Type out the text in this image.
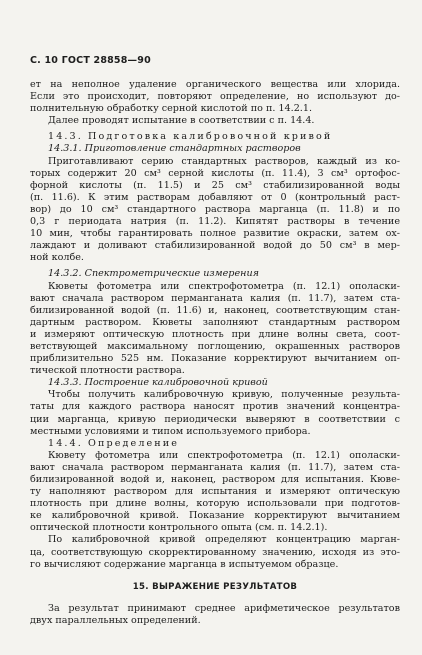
С. 10 ГОСТ 28858—90
ет на неполное удаление органического вещества или хлорида.
Если это происходит, повторяют определение, но используют до-
полнительную обработку серной кислотой по п. 14.2.1.
Далее проводят испытание в соответствии с п. 14.4.
14.3. Подготовка калибровочной кривой
14.3.1. Приготовление стандартных растворов
Приготавливают серию стандартных растворов, каждый из ко-
торых содержит 20 см³ серной кислоты (п. 11.4), 3 см³ ортофос-
форной кислоты (п. 11.5) и 25 см³ стабилизированной воды
(п. 11.6). К этим растворам добавляют от 0 (контрольный раст-
вор) до 10 см³ стандартного раствора марганца (п. 11.8) и по
0,3 г периодата натрия (п. 11.2). Кипятят растворы в течение
10 мин, чтобы гарантировать полное развитие окраски, затем ох-
лаждают и доливают стабилизированной водой до 50 см³ в мер-
ной колбе.
14.3.2. Спектрометрические измерения
Кюветы фотометра или спектрофотометра (п. 12.1) ополаски-
вают сначала раствором перманганата калия (п. 11.7), затем ста-
билизированной водой (п. 11.6) и, наконец, соответствующим стан-
дартным раствором. Кюветы заполняют стандартным раствором
и измеряют оптическую плотность при длине волны света, соот-
ветствующей максимальному поглощению, окрашенных растворов
приблизительно 525 нм. Показание корректируют вычитанием оп-
тической плотности раствора.
14.3.3. Построение калибровочной кривой
Чтобы получить калибровочную кривую, полученные результа-
таты для каждого раствора наносят против значений концентра-
ции марганца, кривую периодически выверяют в соответствии с
местными условиями и типом используемого прибора.
14.4. Определение
Кювету фотометра или спектрофотометра (п. 12.1) ополаски-
вают сначала раствором перманганата калия (п. 11.7), затем ста-
билизированной водой и, наконец, раствором для испытания. Кюве-
ту наполняют раствором для испытания и измеряют оптическую
плотность при длине волны, которую использовали при подготов-
ке калибровочной кривой. Показание корректируют вычитанием
оптической плотности контрольного опыта (см. п. 14.2.1).
По калибровочной кривой определяют концентрацию марган-
ца, соответствующую скорректированному значению, исходя из это-
го вычисляют содержание марганца в испытуемом образце.
15. ВЫРАЖЕНИЕ РЕЗУЛЬТАТОВ
За результат принимают среднее арифметическое результатов
двух параллельных определений.
